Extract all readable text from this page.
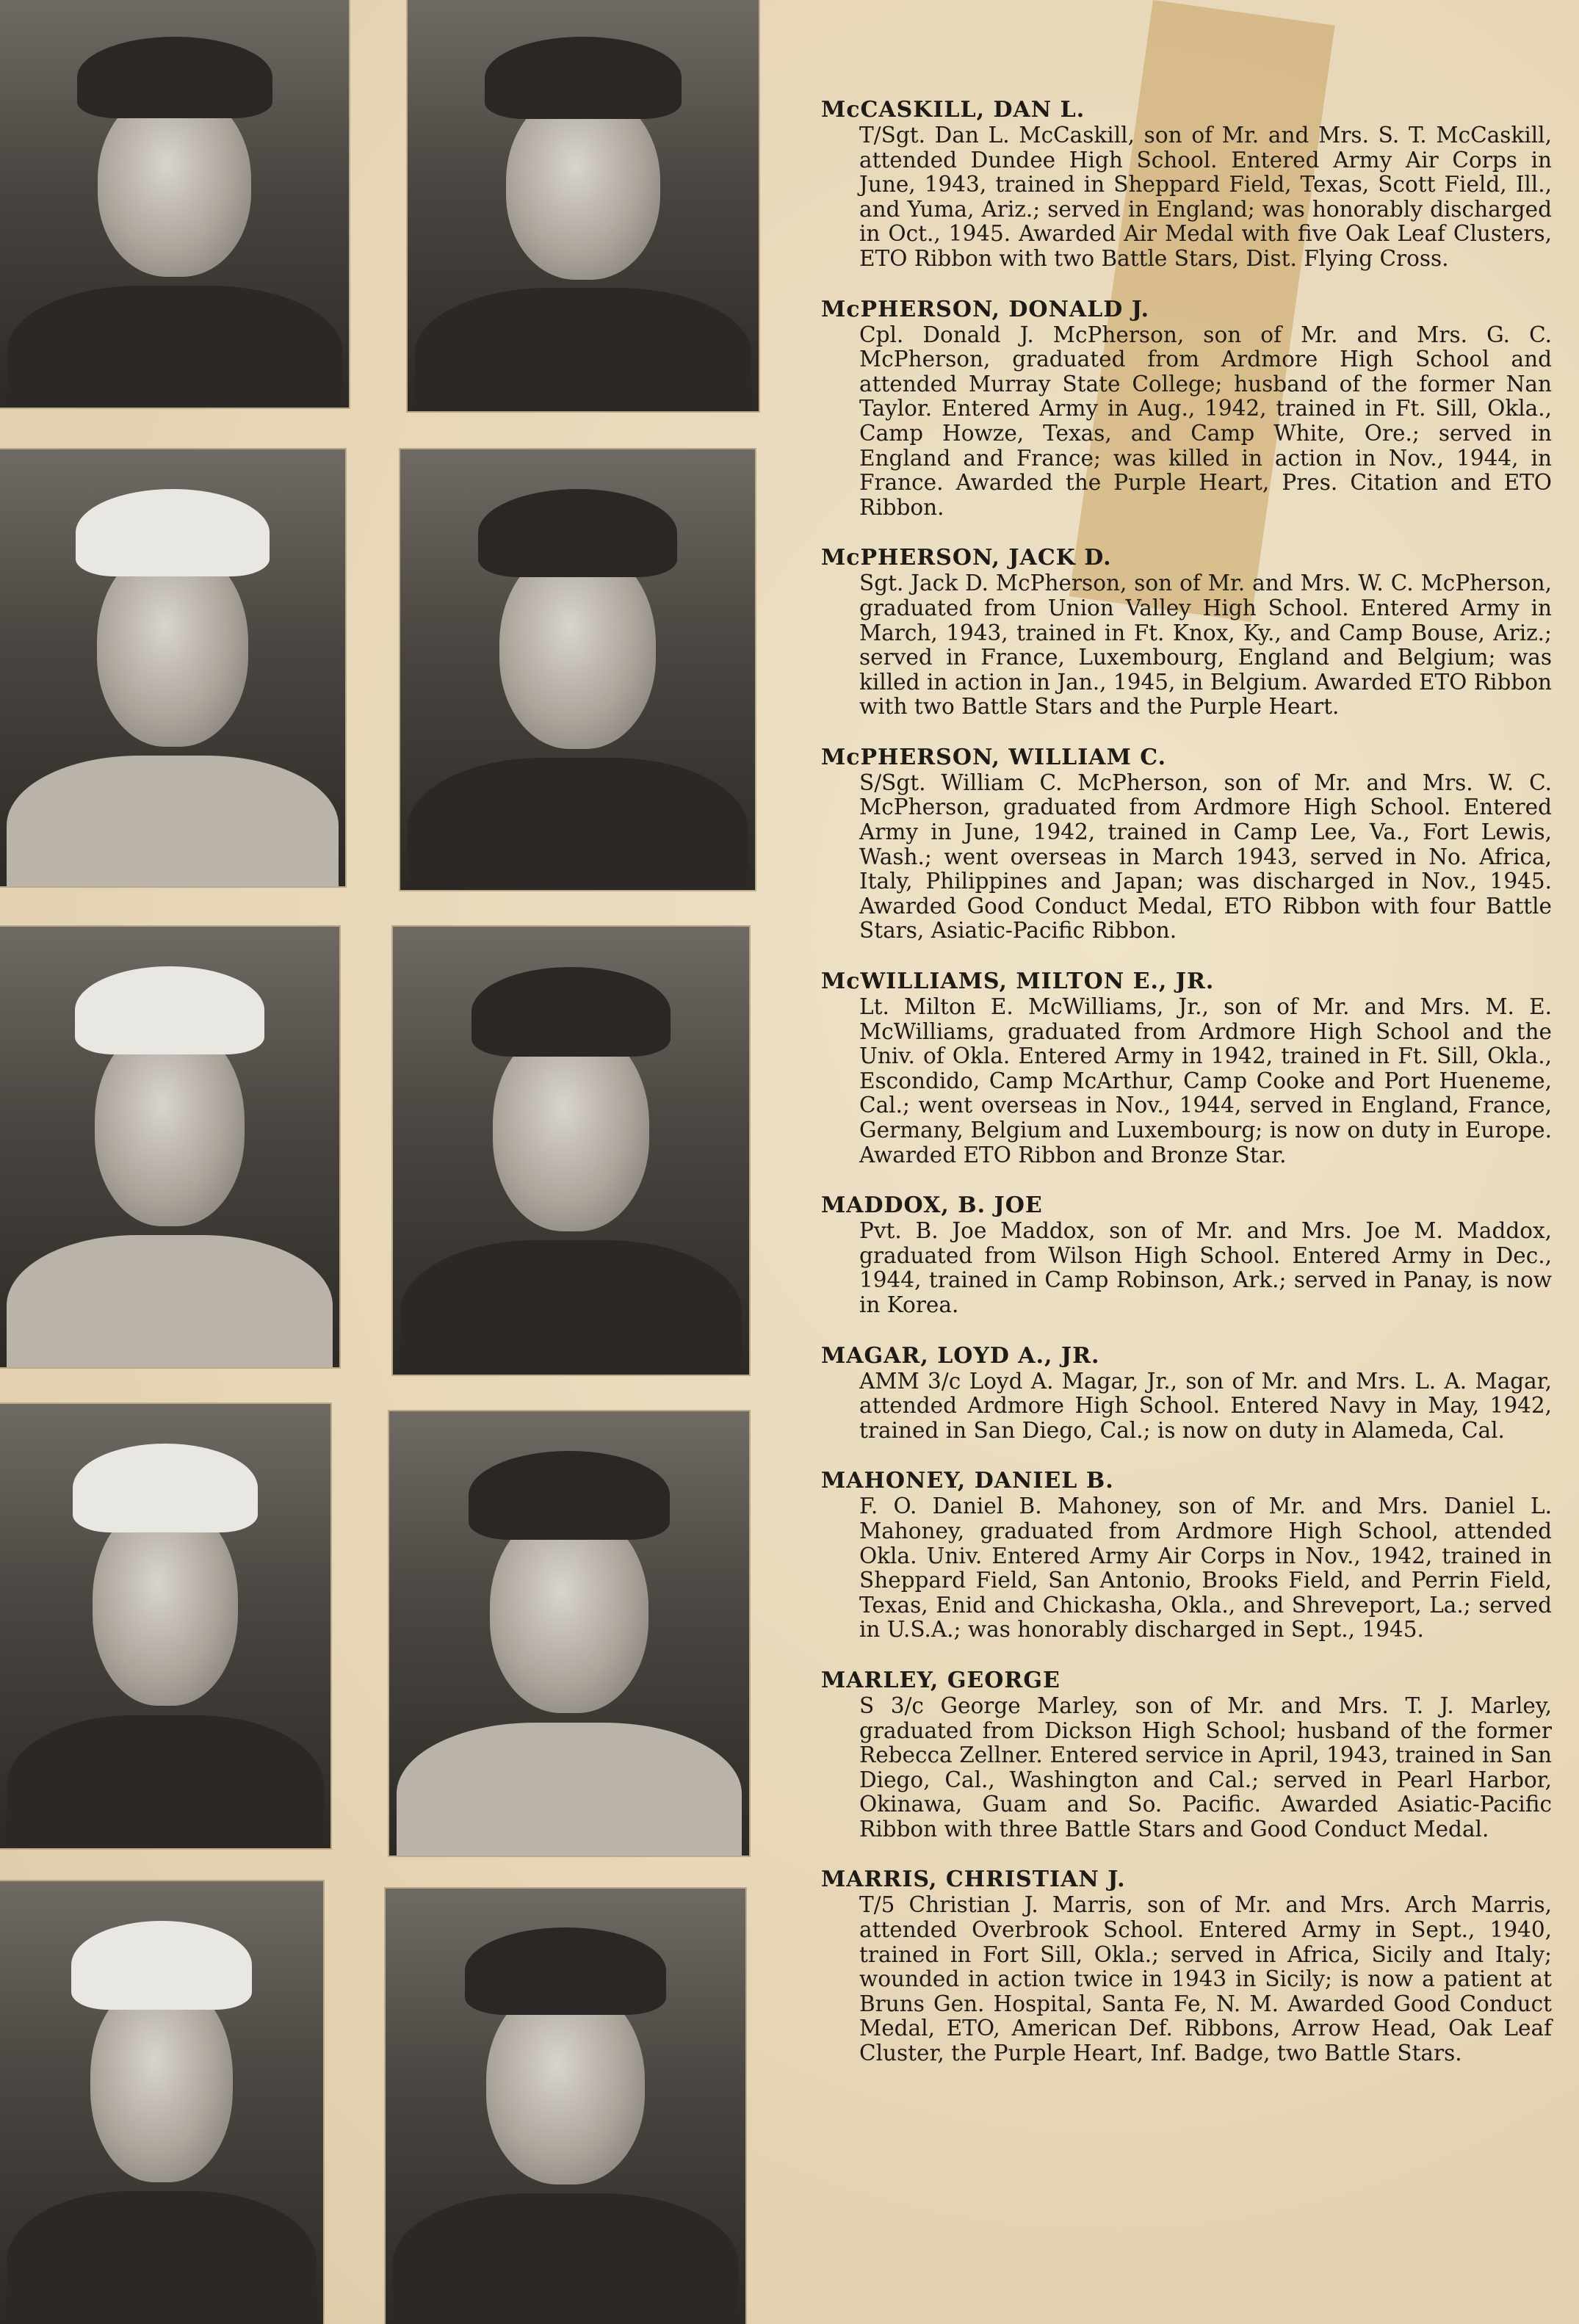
McCASKILL, DAN L.

T/Sgt. Dan L. McCaskill, son of Mr. and Mrs. S. T. McCaskill, attended Dundee High School. Entered Army Air Corps in June, 1943, trained in Sheppard Field, Texas, Scott Field, Ill., and Yuma, Ariz.; served in England; was honorably discharged in Oct., 1945. Awarded Air Medal with five Oak Leaf Clusters, ETO Ribbon with two Battle Stars, Dist. Flying Cross.

McPHERSON, DONALD J.

Cpl. Donald J. McPherson, son of Mr. and Mrs. G. C. McPherson, graduated from Ardmore High School and attended Murray State College; husband of the former Nan Taylor. Entered Army in Aug., 1942, trained in Ft. Sill, Okla., Camp Howze, Texas, and Camp White, Ore.; served in England and France; was killed in action in Nov., 1944, in France. Awarded the Purple Heart, Pres. Citation and ETO Ribbon.

McPHERSON, JACK D.

Sgt. Jack D. McPherson, son of Mr. and Mrs. W. C. McPherson, graduated from Union Valley High School. Entered Army in March, 1943, trained in Ft. Knox, Ky., and Camp Bouse, Ariz.; served in France, Luxembourg, England and Belgium; was killed in action in Jan., 1945, in Belgium. Awarded ETO Ribbon with two Battle Stars and the Purple Heart.

McPHERSON, WILLIAM C.

S/Sgt. William C. McPherson, son of Mr. and Mrs. W. C. McPherson, graduated from Ardmore High School. Entered Army in June, 1942, trained in Camp Lee, Va., Fort Lewis, Wash.; went overseas in March 1943, served in No. Africa, Italy, Philippines and Japan; was discharged in Nov., 1945. Awarded Good Conduct Medal, ETO Ribbon with four Battle Stars, Asiatic-Pacific Ribbon.

McWILLIAMS, MILTON E., JR.

Lt. Milton E. McWilliams, Jr., son of Mr. and Mrs. M. E. McWilliams, graduated from Ardmore High School and the Univ. of Okla. Entered Army in 1942, trained in Ft. Sill, Okla., Escondido, Camp McArthur, Camp Cooke and Port Hueneme, Cal.; went overseas in Nov., 1944, served in England, France, Germany, Belgium and Luxembourg; is now on duty in Europe. Awarded ETO Ribbon and Bronze Star.

MADDOX, B. JOE

Pvt. B. Joe Maddox, son of Mr. and Mrs. Joe M. Maddox, graduated from Wilson High School. Entered Army in Dec., 1944, trained in Camp Robinson, Ark.; served in Panay, is now in Korea.

MAGAR, LOYD A., JR.

AMM 3/c Loyd A. Magar, Jr., son of Mr. and Mrs. L. A. Magar, attended Ardmore High School. Entered Navy in May, 1942, trained in San Diego, Cal.; is now on duty in Alameda, Cal.

MAHONEY, DANIEL B.

F. O. Daniel B. Mahoney, son of Mr. and Mrs. Daniel L. Mahoney, graduated from Ardmore High School, attended Okla. Univ. Entered Army Air Corps in Nov., 1942, trained in Sheppard Field, San Antonio, Brooks Field, and Perrin Field, Texas, Enid and Chickasha, Okla., and Shreveport, La.; served in U.S.A.; was honorably discharged in Sept., 1945.

MARLEY, GEORGE

S 3/c George Marley, son of Mr. and Mrs. T. J. Marley, graduated from Dickson High School; husband of the former Rebecca Zellner. Entered service in April, 1943, trained in San Diego, Cal., Washington and Cal.; served in Pearl Harbor, Okinawa, Guam and So. Pacific. Awarded Asiatic-Pacific Ribbon with three Battle Stars and Good Conduct Medal.

MARRIS, CHRISTIAN J.

T/5 Christian J. Marris, son of Mr. and Mrs. Arch Marris, attended Overbrook School. Entered Army in Sept., 1940, trained in Fort Sill, Okla.; served in Africa, Sicily and Italy; wounded in action twice in 1943 in Sicily; is now a patient at Bruns Gen. Hospital, Santa Fe, N. M. Awarded Good Conduct Medal, ETO, American Def. Ribbons, Arrow Head, Oak Leaf Cluster, the Purple Heart, Inf. Badge, two Battle Stars.
